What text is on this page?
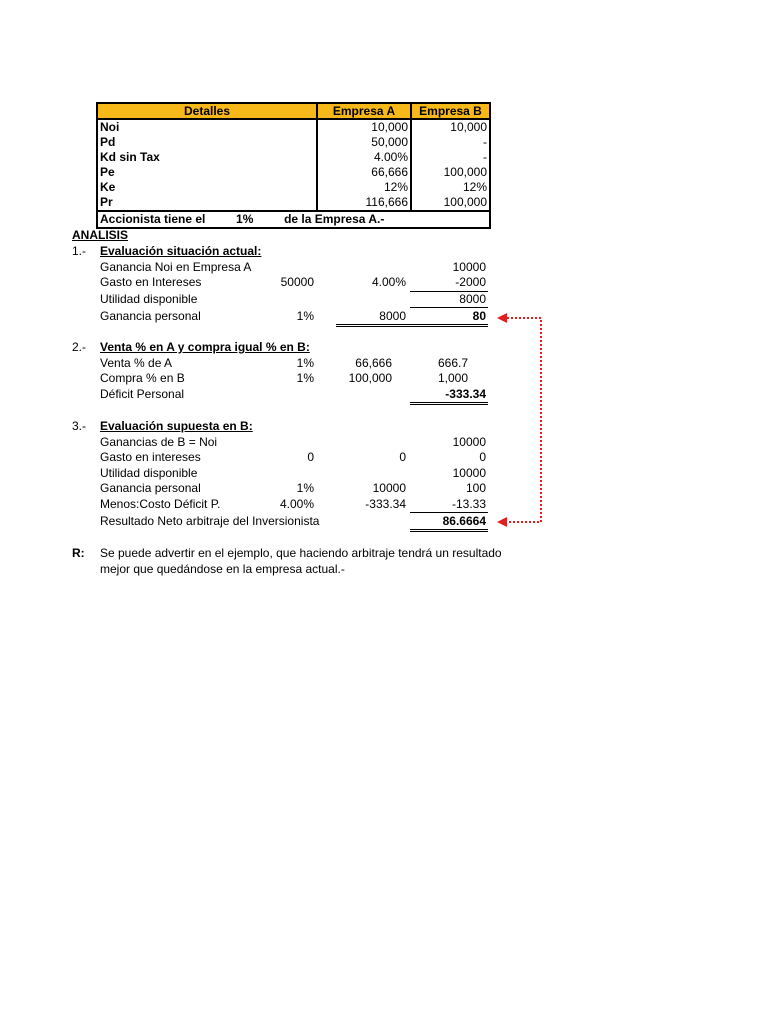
Detalles	Empresa A	Empresa B
Noi	10,000	10,000
Pd	50,000	-
Kd sin Tax	4.00%	-
Pe	66,666	100,000
Ke	12%	12%
Pr	116,666	100,000
Accionista tiene el 1% de la Empresa A.-		
ANALISIS
1.- Evaluación situación actual:
Ganancia Noi en Empresa A	10000
Gasto en Intereses	50000	4.00%	-2000
Utilidad disponible	8000
Ganancia personal	1%	8000	80
2.- Venta % en A y compra igual % en B:
Venta % de A	1%	66,666	666.7
Compra % en B	1%	100,000	1,000
Déficit Personal	-333.34
3.- Evaluación supuesta en B:
Ganancias de B = Noi	10000
Gasto en intereses	0	0	0
Utilidad disponible	10000
Ganancia personal	1%	10000	100
Menos:Costo Déficit P.	4.00%	-333.34	-13.33
Resultado Neto arbitraje del Inversionista	86.6664
R: Se puede advertir en el ejemplo, que haciendo arbitraje tendrá un resultado
mejor que quedándose en la empresa actual.-
